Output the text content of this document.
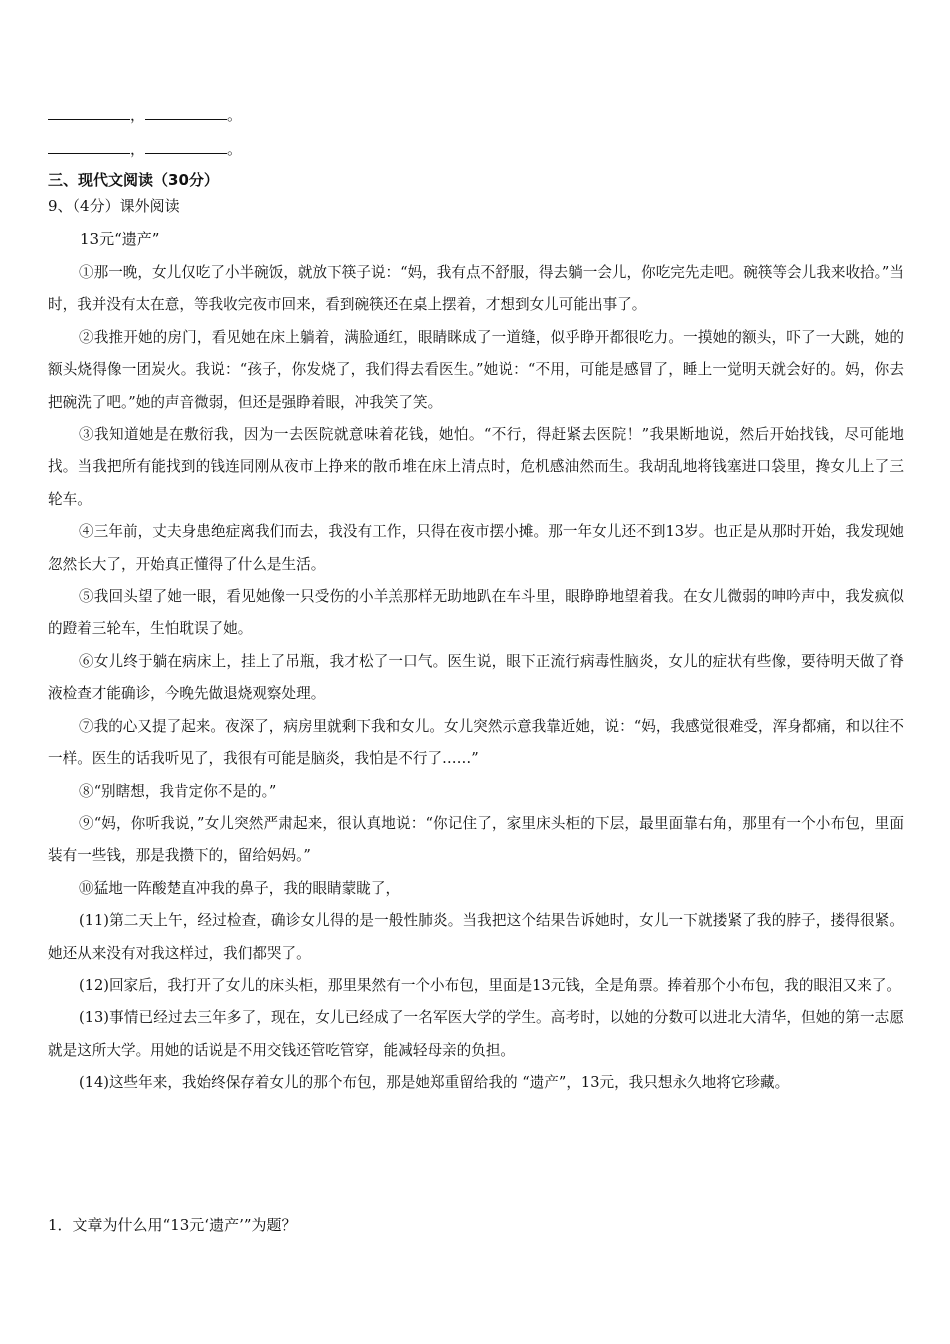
，	。
，	。
三、现代文阅读（30分）
9、（4分）课外阅读
13元“遗产”

①那一晚，女儿仅吃了小半碗饭，就放下筷子说：“妈，我有点不舒服，得去躺一会儿，你吃完先走吧。碗筷等会儿我来收拾。”当时，我并没有太在意，等我收完夜市回来，看到碗筷还在桌上摆着，才想到女儿可能出事了。

②我推开她的房门，看见她在床上躺着，满脸通红，眼睛眯成了一道缝，似乎睁开都很吃力。一摸她的额头，吓了一大跳，她的额头烧得像一团炭火。我说：“孩子，你发烧了，我们得去看医生。”她说：“不用，可能是感冒了，睡上一觉明天就会好的。妈，你去把碗洗了吧。”她的声音微弱，但还是强睁着眼，冲我笑了笑。

③我知道她是在敷衍我，因为一去医院就意味着花钱，她怕。“不行，得赶紧去医院！”我果断地说，然后开始找钱，尽可能地找。当我把所有能找到的钱连同刚从夜市上挣来的散币堆在床上清点时，危机感油然而生。我胡乱地将钱塞进口袋里，搀女儿上了三轮车。

④三年前，丈夫身患绝症离我们而去，我没有工作，只得在夜市摆小摊。那一年女儿还不到13岁。也正是从那时开始，我发现她忽然长大了，开始真正懂得了什么是生活。

⑤我回头望了她一眼，看见她像一只受伤的小羊羔那样无助地趴在车斗里，眼睁睁地望着我。在女儿微弱的呻吟声中，我发疯似的蹬着三轮车，生怕耽误了她。

⑥女儿终于躺在病床上，挂上了吊瓶，我才松了一口气。医生说，眼下正流行病毒性脑炎，女儿的症状有些像，要待明天做了脊液检查才能确诊，今晚先做退烧观察处理。

⑦我的心又提了起来。夜深了，病房里就剩下我和女儿。女儿突然示意我靠近她，说：“妈，我感觉很难受，浑身都痛，和以往不一样。医生的话我听见了，我很有可能是脑炎，我怕是不行了……”

⑧“别瞎想，我肯定你不是的。”

⑨“妈，你听我说，”女儿突然严肃起来，很认真地说：“你记住了，家里床头柜的下层，最里面靠右角，那里有一个小布包，里面装有一些钱，那是我攒下的，留给妈妈。”

⑩猛地一阵酸楚直冲我的鼻子，我的眼睛蒙眬了，

(11)第二天上午，经过检查，确诊女儿得的是一般性肺炎。当我把这个结果告诉她时，女儿一下就搂紧了我的脖子，搂得很紧。她还从来没有对我这样过，我们都哭了。

(12)回家后，我打开了女儿的床头柜，那里果然有一个小布包，里面是13元钱，全是角票。捧着那个小布包，我的眼泪又来了。

(13)事情已经过去三年多了，现在，女儿已经成了一名军医大学的学生。高考时，以她的分数可以进北大清华，但她的第一志愿就是这所大学。用她的话说是不用交钱还管吃管穿，能减轻母亲的负担。

(14)这些年来，我始终保存着女儿的那个布包，那是她郑重留给我的 “遗产”，13元，我只想永久地将它珍藏。

1．文章为什么用“13元‘遗产’”为题？
